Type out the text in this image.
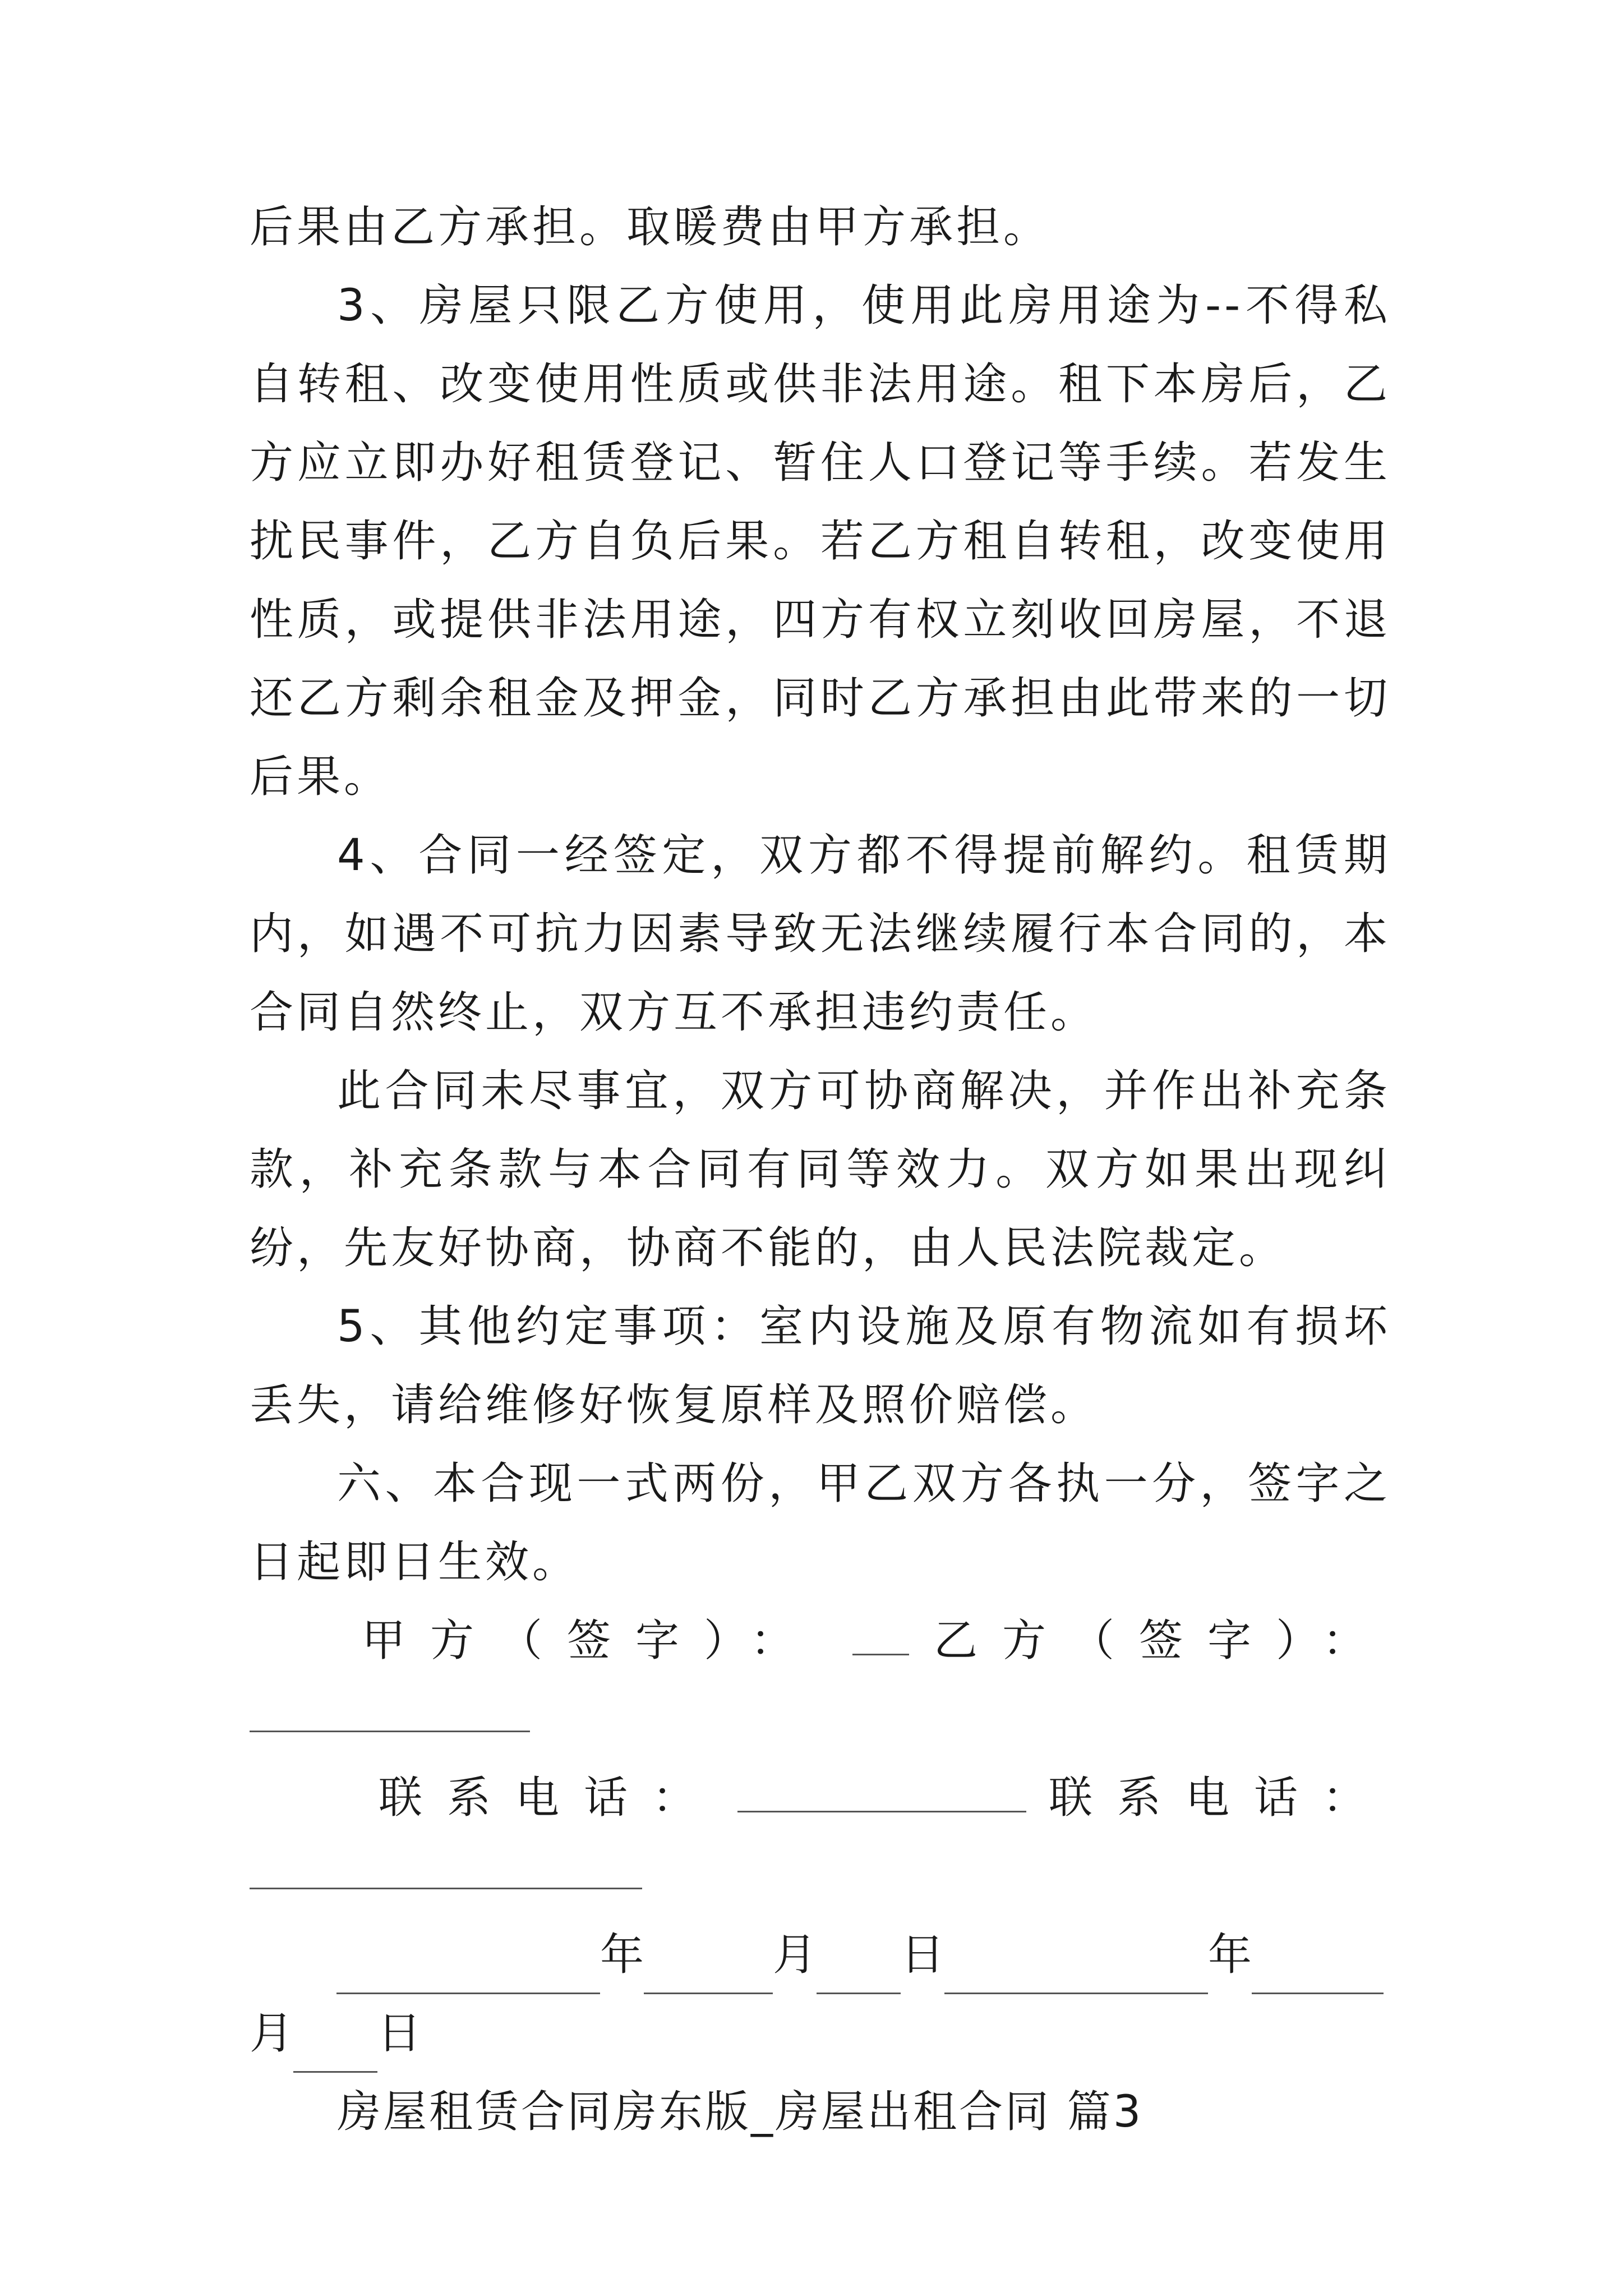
后果由乙方承担。取暖费由甲方承担。

3、房屋只限乙方使用，使用此房用途为--不得私自转租、改变使用性质或供非法用途。租下本房后，乙方应立即办好租赁登记、暂住人口登记等手续。若发生扰民事件，乙方自负后果。若乙方租自转租，改变使用性质，或提供非法用途，四方有权立刻收回房屋，不退还乙方剩余租金及押金，同时乙方承担由此带来的一切后果。

4、合同一经签定，双方都不得提前解约。租赁期内，如遇不可抗力因素导致无法继续履行本合同的，本合同自然终止，双方互不承担违约责任。

此合同未尽事宜，双方可协商解决，并作出补充条款，补充条款与本合同有同等效力。双方如果出现纠纷，先友好协商，协商不能的，由人民法院裁定。

5、其他约定事项：室内设施及原有物流如有损坏丢失，请给维修好恢复原样及照价赔偿。

六、本合现一式两份，甲乙双方各执一分，签字之日起即日生效。

甲方（签字）：	乙方（签字）：
联系电话：	联系电话：
年	月 日	年
月 日
房屋租赁合同房东版_房屋出租合同 篇3
